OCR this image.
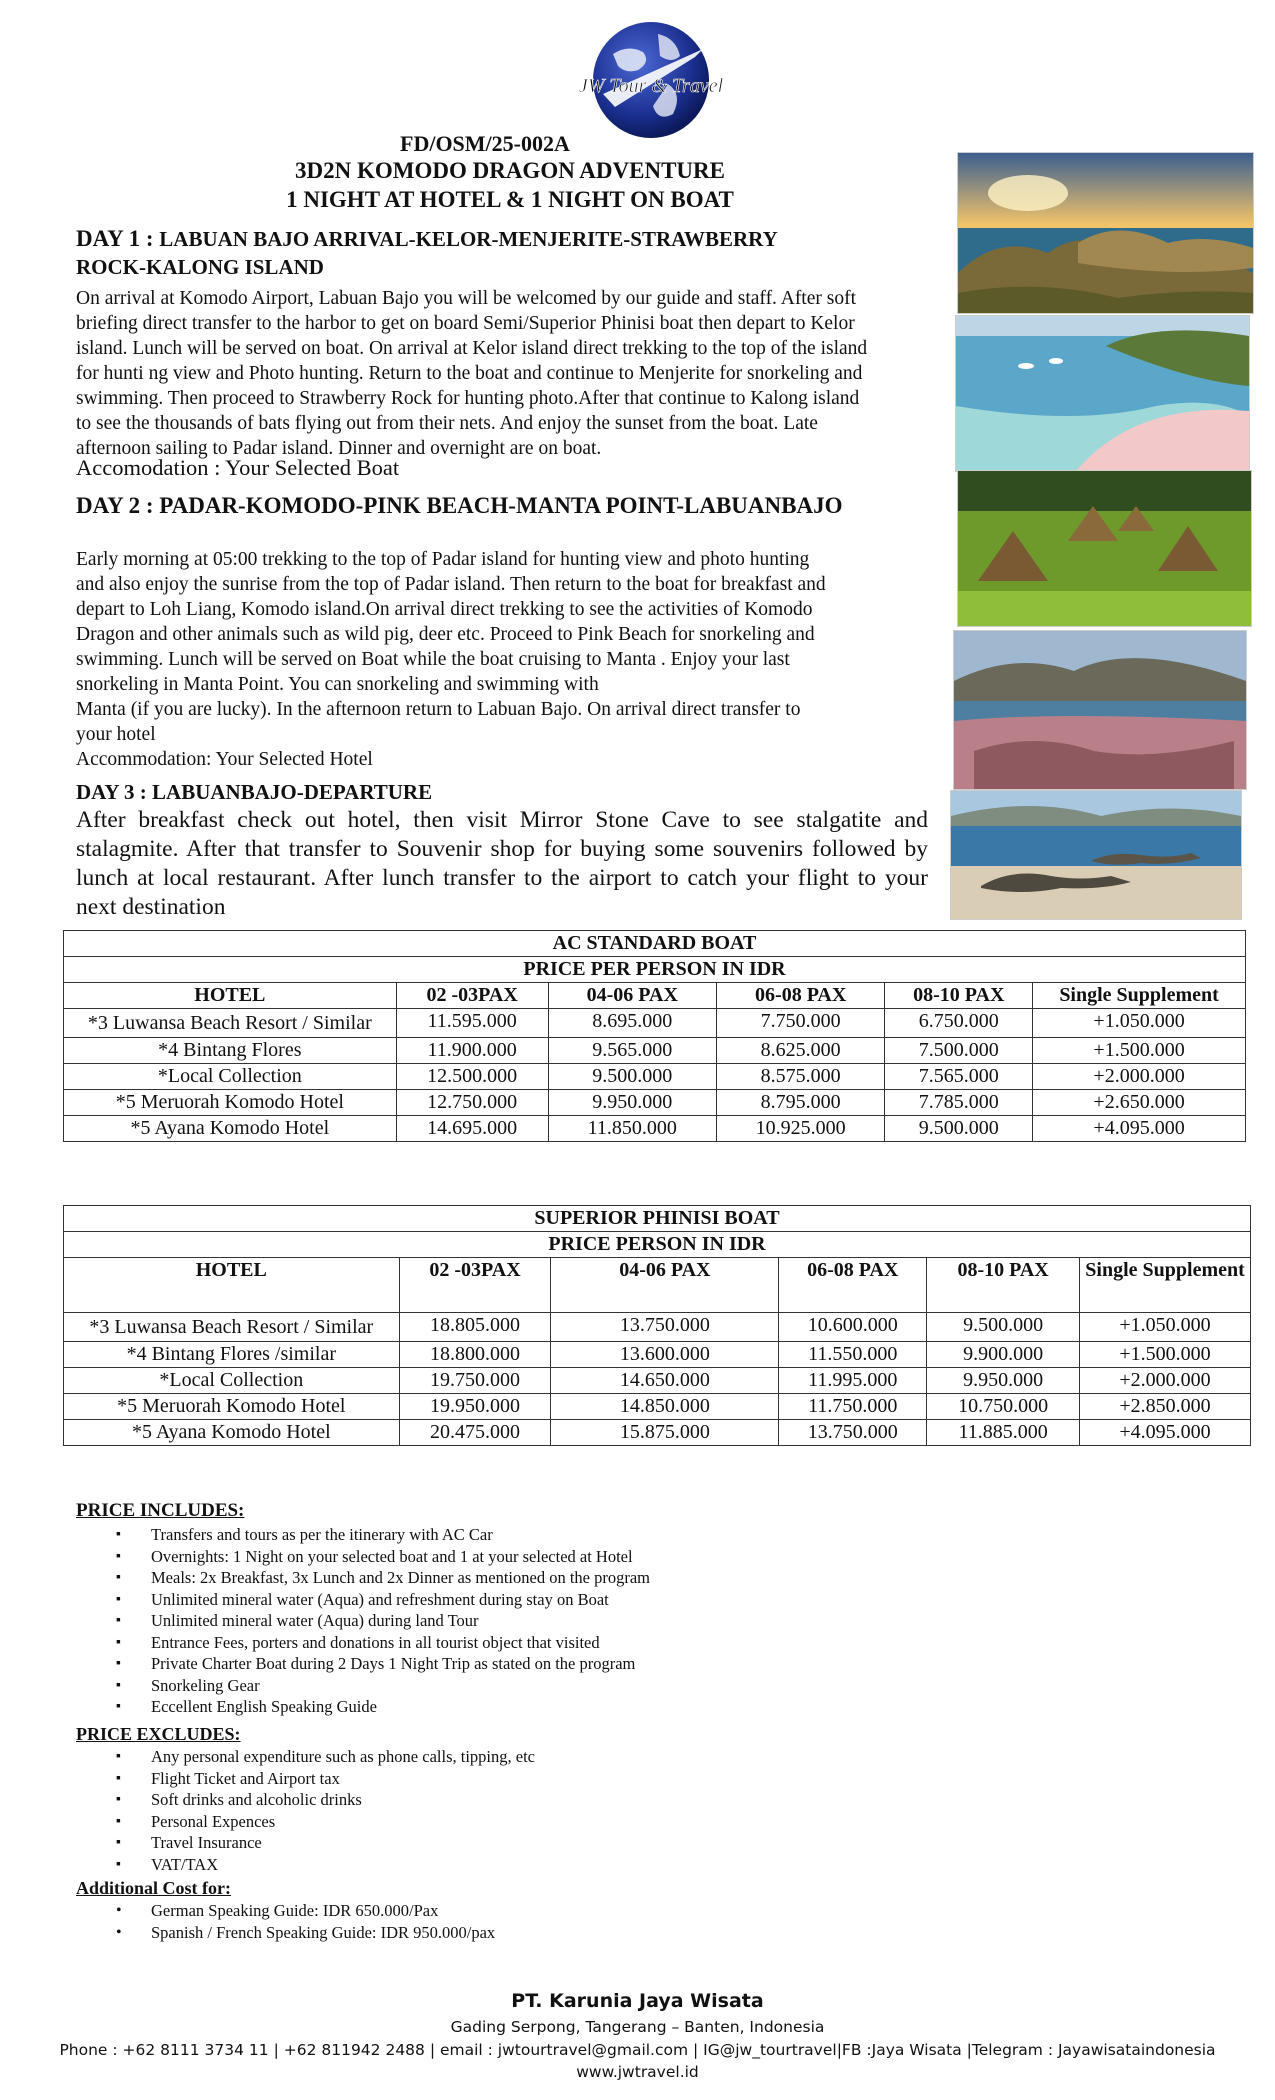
JW Tour & Travel
FD/OSM/25-002A
3D2N KOMODO DRAGON ADVENTURE
1 NIGHT AT HOTEL & 1 NIGHT ON BOAT
DAY 1 : LABUAN BAJO ARRIVAL-KELOR-MENJERITE-STRAWBERRY
ROCK-KALONG ISLAND
On arrival at Komodo Airport, Labuan Bajo you will be welcomed by our guide and staff. After soft
briefing direct transfer to the harbor to get on board Semi/Superior Phinisi boat then depart to Kelor
island. Lunch will be served on boat. On arrival at Kelor island direct trekking to the top of the island
for hunti ng view and Photo hunting. Return to the boat and continue to Menjerite for snorkeling and
swimming. Then proceed to Strawberry Rock for hunting photo.After that continue to Kalong island
to see the thousands of bats flying out from their nets. And enjoy the sunset from the boat. Late
afternoon sailing to Padar island. Dinner and overnight are on boat.
Accomodation : Your Selected Boat
DAY 2 : PADAR-KOMODO-PINK BEACH-MANTA POINT-LABUANBAJO
Early morning at 05:00 trekking to the top of Padar island for hunting view and photo hunting
and also enjoy the sunrise from the top of Padar island. Then return to the boat for breakfast and
depart to Loh Liang, Komodo island.On arrival direct trekking to see the activities of Komodo
Dragon and other animals such as wild pig, deer etc. Proceed to Pink Beach for snorkeling and
swimming. Lunch will be served on Boat while the boat cruising to Manta . Enjoy your last
snorkeling in Manta Point. You can snorkeling and swimming with
Manta (if you are lucky). In the afternoon return to Labuan Bajo. On arrival direct transfer to
your hotel
Accommodation: Your Selected Hotel
DAY 3 : LABUANBAJO-DEPARTURE
After breakfast check out hotel, then visit Mirror Stone Cave to see stalgatite and stalagmite. After that transfer to Souvenir shop for buying some souvenirs followed by lunch at local restaurant. After lunch transfer to the airport to catch your flight to your next destination
AC STANDARD BOAT					
PRICE PER PERSON IN IDR					
HOTEL	02 -03PAX	04-06 PAX	06-08 PAX	08-10 PAX	Single Supplement
*3 Luwansa Beach Resort / Similar	11.595.000	8.695.000	7.750.000	6.750.000	+1.050.000
*4 Bintang Flores	11.900.000	9.565.000	8.625.000	7.500.000	+1.500.000
*Local Collection	12.500.000	9.500.000	8.575.000	7.565.000	+2.000.000
*5 Meruorah Komodo Hotel	12.750.000	9.950.000	8.795.000	7.785.000	+2.650.000
*5 Ayana Komodo Hotel	14.695.000	11.850.000	10.925.000	9.500.000	+4.095.000
SUPERIOR PHINISI BOAT					
PRICE PERSON IN IDR					
HOTEL	02 -03PAX	04-06 PAX	06-08 PAX	08-10 PAX	Single Supplement
*3 Luwansa Beach Resort / Similar	18.805.000	13.750.000	10.600.000	9.500.000	+1.050.000
*4 Bintang Flores /similar	18.800.000	13.600.000	11.550.000	9.900.000	+1.500.000
*Local Collection	19.750.000	14.650.000	11.995.000	9.950.000	+2.000.000
*5 Meruorah Komodo Hotel	19.950.000	14.850.000	11.750.000	10.750.000	+2.850.000
*5 Ayana Komodo Hotel	20.475.000	15.875.000	13.750.000	11.885.000	+4.095.000
PRICE INCLUDES:
▪ Transfers and tours as per the itinerary with AC Car
▪ Overnights: 1 Night on your selected boat and 1 at your selected at Hotel
▪ Meals: 2x Breakfast, 3x Lunch and 2x Dinner as mentioned on the program
▪ Unlimited mineral water (Aqua) and refreshment during stay on Boat
▪ Unlimited mineral water (Aqua) during land Tour
▪ Entrance Fees, porters and donations in all tourist object that visited
▪ Private Charter Boat during 2 Days 1 Night Trip as stated on the program
▪ Snorkeling Gear
▪ Eccellent English Speaking Guide
PRICE EXCLUDES:
▪ Any personal expenditure such as phone calls, tipping, etc
▪ Flight Ticket and Airport tax
▪ Soft drinks and alcoholic drinks
▪ Personal Expences
▪ Travel Insurance
▪ VAT/TAX
Additional Cost for:
• German Speaking Guide: IDR 650.000/Pax
• Spanish / French Speaking Guide: IDR 950.000/pax
PT. Karunia Jaya Wisata
Gading Serpong, Tangerang – Banten, Indonesia
Phone : +62 8111 3734 11 | +62 811942 2488 | email : jwtourtravel@gmail.com | IG@jw_tourtravel|FB :Jaya Wisata |Telegram : Jayawisataindonesia
www.jwtravel.id
